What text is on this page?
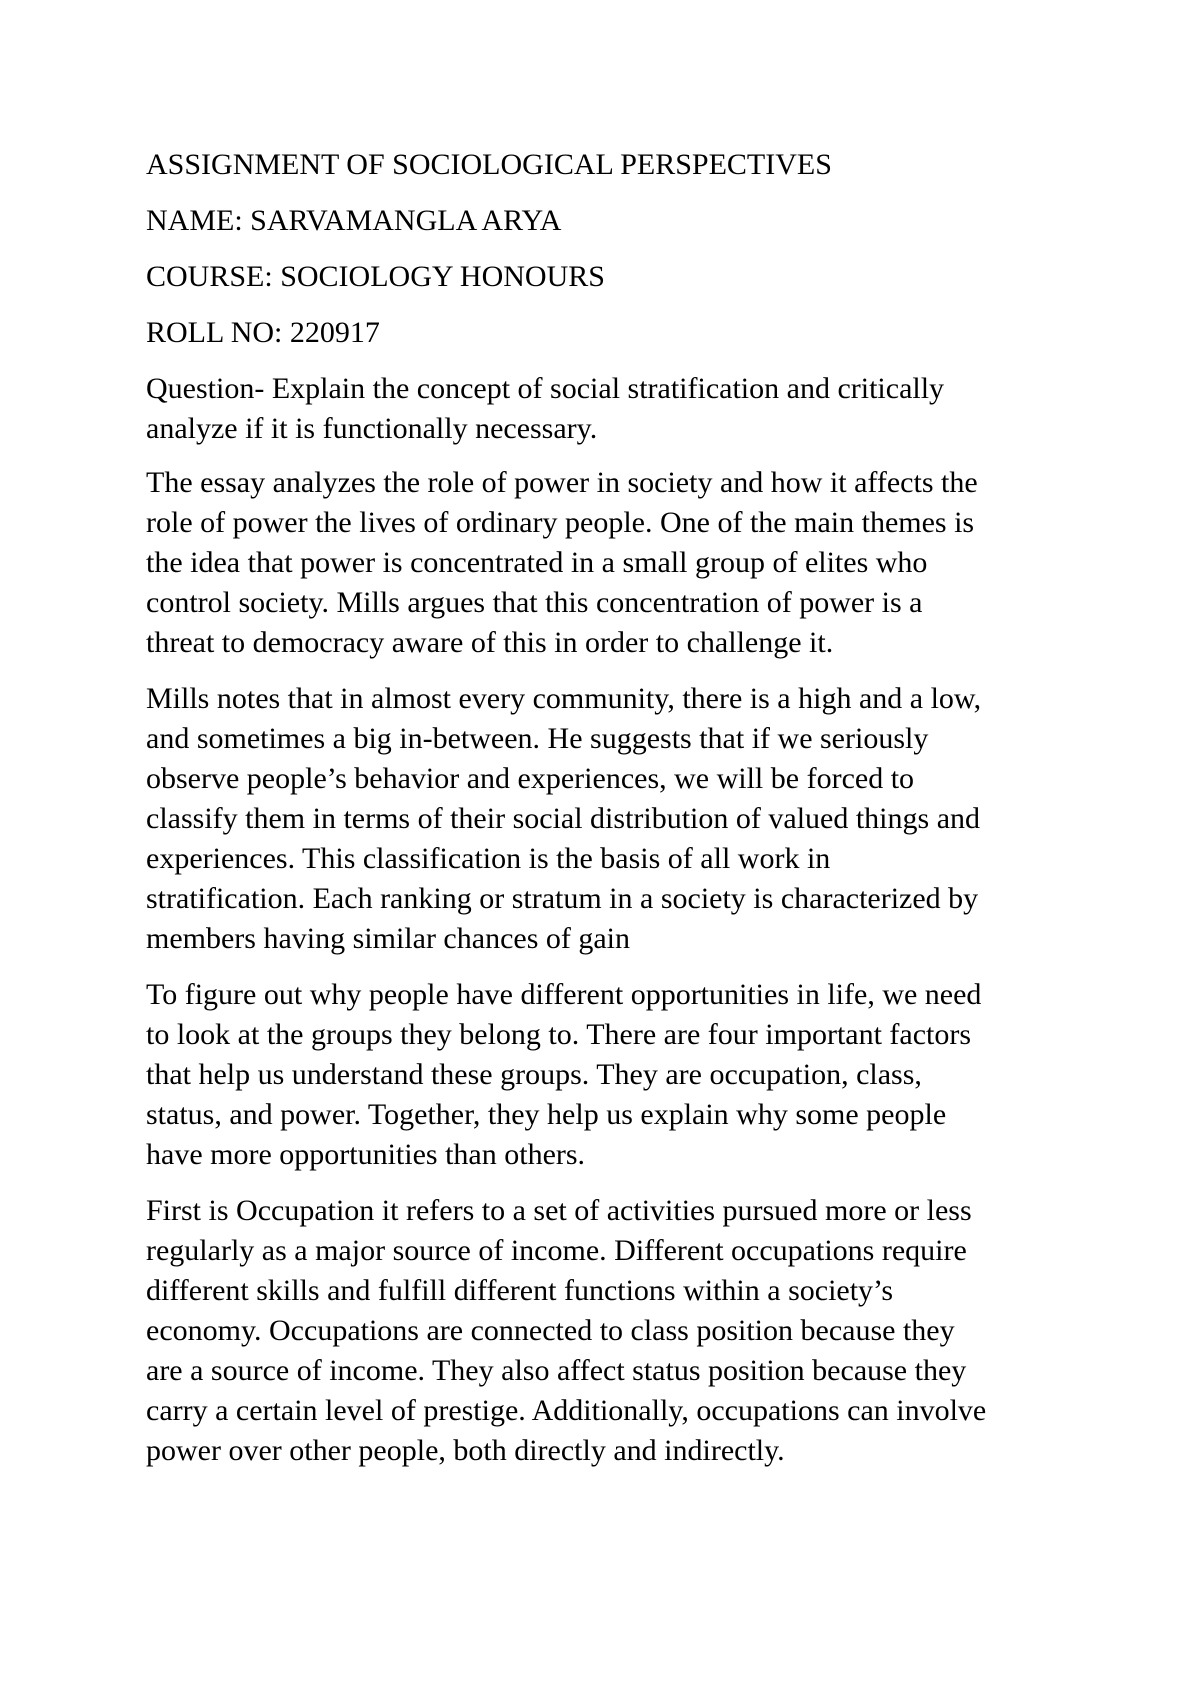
ASSIGNMENT OF SOCIOLOGICAL PERSPECTIVES
NAME: SARVAMANGLA ARYA
COURSE: SOCIOLOGY HONOURS
ROLL NO: 220917
Question- Explain the concept of social stratification and critically
analyze if it is functionally necessary.
The essay analyzes the role of power in society and how it affects the
role of power the lives of ordinary people. One of the main themes is
the idea that power is concentrated in a small group of elites who
control society. Mills argues that this concentration of power is a
threat to democracy aware of this in order to challenge it.
Mills notes that in almost every community, there is a high and a low,
and sometimes a big in-between. He suggests that if we seriously
observe people’s behavior and experiences, we will be forced to
classify them in terms of their social distribution of valued things and
experiences. This classification is the basis of all work in
stratification. Each ranking or stratum in a society is characterized by
members having similar chances of gain
To figure out why people have different opportunities in life, we need
to look at the groups they belong to. There are four important factors
that help us understand these groups. They are occupation, class,
status, and power. Together, they help us explain why some people
have more opportunities than others.
First is Occupation it refers to a set of activities pursued more or less
regularly as a major source of income. Different occupations require
different skills and fulfill different functions within a society’s
economy. Occupations are connected to class position because they
are a source of income. They also affect status position because they
carry a certain level of prestige. Additionally, occupations can involve
power over other people, both directly and indirectly.
